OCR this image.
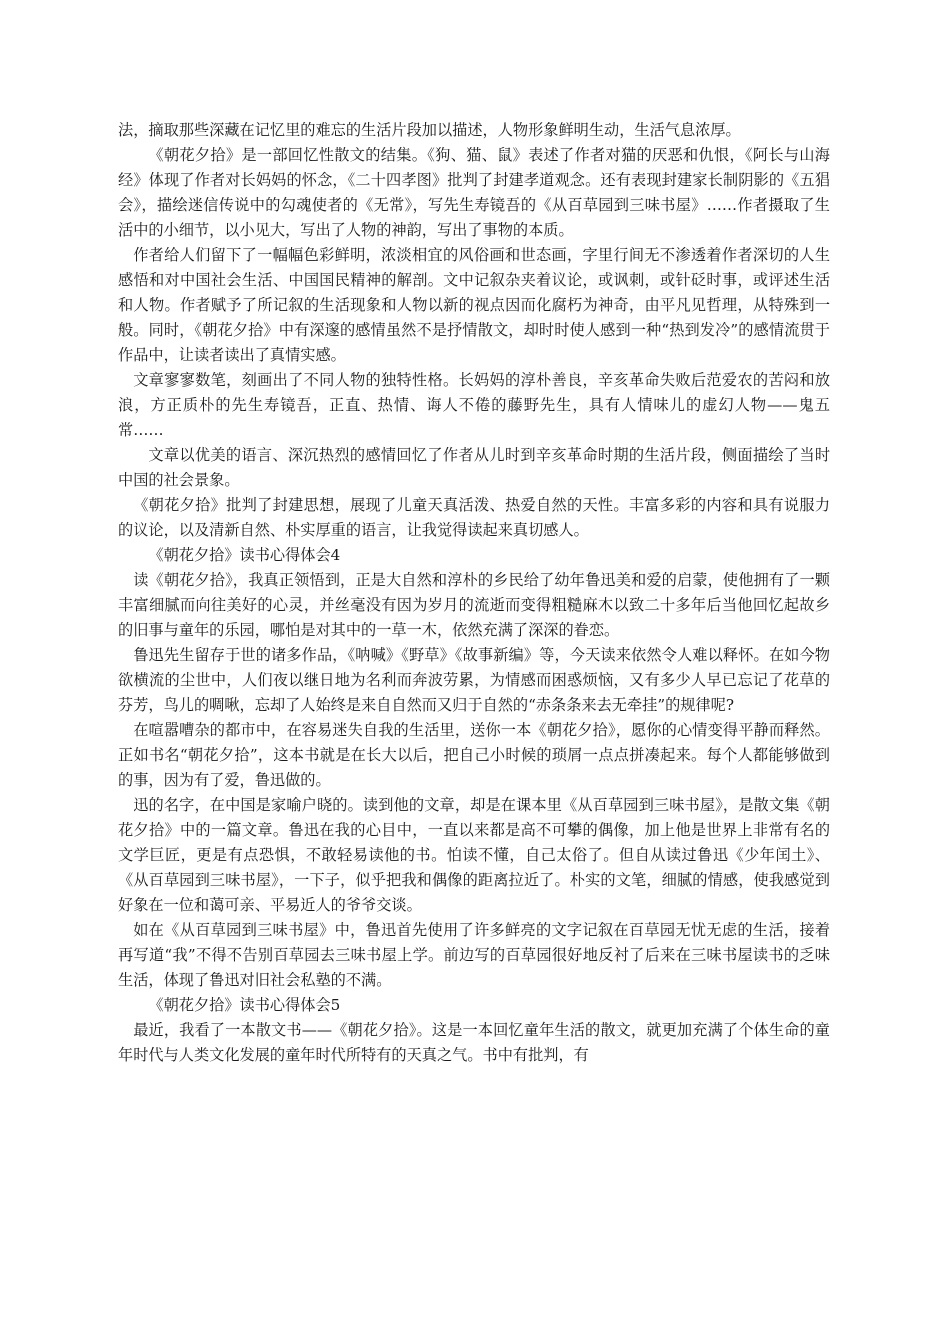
法，摘取那些深藏在记忆里的难忘的生活片段加以描述，人物形象鲜明生动，生活气息浓厚。

《朝花夕拾》是一部回忆性散文的结集。《狗、猫、鼠》表述了作者对猫的厌恶和仇恨，《阿长与山海经》体现了作者对长妈妈的怀念，《二十四孝图》批判了封建孝道观念。还有表现封建家长制阴影的《五猖会》，描绘迷信传说中的勾魂使者的《无常》，写先生寿镜吾的《从百草园到三味书屋》……作者摄取了生活中的小细节，以小见大，写出了人物的神韵，写出了事物的本质。

作者给人们留下了一幅幅色彩鲜明，浓淡相宜的风俗画和世态画，字里行间无不渗透着作者深切的人生感悟和对中国社会生活、中国国民精神的解剖。文中记叙杂夹着议论，或讽刺，或针砭时事，或评述生活和人物。作者赋予了所记叙的生活现象和人物以新的视点因而化腐朽为神奇，由平凡见哲理，从特殊到一般。同时，《朝花夕拾》中有深邃的感情虽然不是抒情散文，却时时使人感到一种“热到发冷”的感情流贯于作品中，让读者读出了真情实感。

文章寥寥数笔，刻画出了不同人物的独特性格。长妈妈的淳朴善良，辛亥革命失败后范爱农的苦闷和放浪，方正质朴的先生寿镜吾，正直、热情、诲人不倦的藤野先生，具有人情味儿的虚幻人物——鬼五常……

文章以优美的语言、深沉热烈的感情回忆了作者从儿时到辛亥革命时期的生活片段，侧面描绘了当时中国的社会景象。

《朝花夕拾》批判了封建思想，展现了儿童天真活泼、热爱自然的天性。丰富多彩的内容和具有说服力的议论，以及清新自然、朴实厚重的语言，让我觉得读起来真切感人。

《朝花夕拾》读书心得体会4

读《朝花夕拾》，我真正领悟到，正是大自然和淳朴的乡民给了幼年鲁迅美和爱的启蒙，使他拥有了一颗丰富细腻而向往美好的心灵，并丝毫没有因为岁月的流逝而变得粗糙麻木以致二十多年后当他回忆起故乡的旧事与童年的乐园，哪怕是对其中的一草一木，依然充满了深深的眷恋。

鲁迅先生留存于世的诸多作品，《呐喊》《野草》《故事新编》等，今天读来依然令人难以释怀。在如今物欲横流的尘世中，人们夜以继日地为名利而奔波劳累，为情感而困惑烦恼，又有多少人早已忘记了花草的芬芳，鸟儿的啁啾，忘却了人始终是来自自然而又归于自然的“赤条条来去无牵挂”的规律呢?

在喧嚣嘈杂的都市中，在容易迷失自我的生活里，送你一本《朝花夕拾》，愿你的心情变得平静而释然。正如书名“朝花夕拾”，这本书就是在长大以后，把自己小时候的琐屑一点点拼凑起来。每个人都能够做到的事，因为有了爱，鲁迅做的。

迅的名字，在中国是家喻户晓的。读到他的文章，却是在课本里《从百草园到三味书屋》，是散文集《朝花夕拾》中的一篇文章。鲁迅在我的心目中，一直以来都是高不可攀的偶像，加上他是世界上非常有名的文学巨匠，更是有点恐惧，不敢轻易读他的书。怕读不懂，自己太俗了。但自从读过鲁迅《少年闰土》、《从百草园到三味书屋》，一下子，似乎把我和偶像的距离拉近了。朴实的文笔，细腻的情感，使我感觉到好象在一位和蔼可亲、平易近人的爷爷交谈。

如在《从百草园到三味书屋》中，鲁迅首先使用了许多鲜亮的文字记叙在百草园无忧无虑的生活，接着再写道“我”不得不告别百草园去三味书屋上学。前边写的百草园很好地反衬了后来在三味书屋读书的乏味生活，体现了鲁迅对旧社会私塾的不满。

《朝花夕拾》读书心得体会5

最近，我看了一本散文书——《朝花夕拾》。这是一本回忆童年生活的散文，就更加充满了个体生命的童年时代与人类文化发展的童年时代所特有的天真之气。书中有批判，有
